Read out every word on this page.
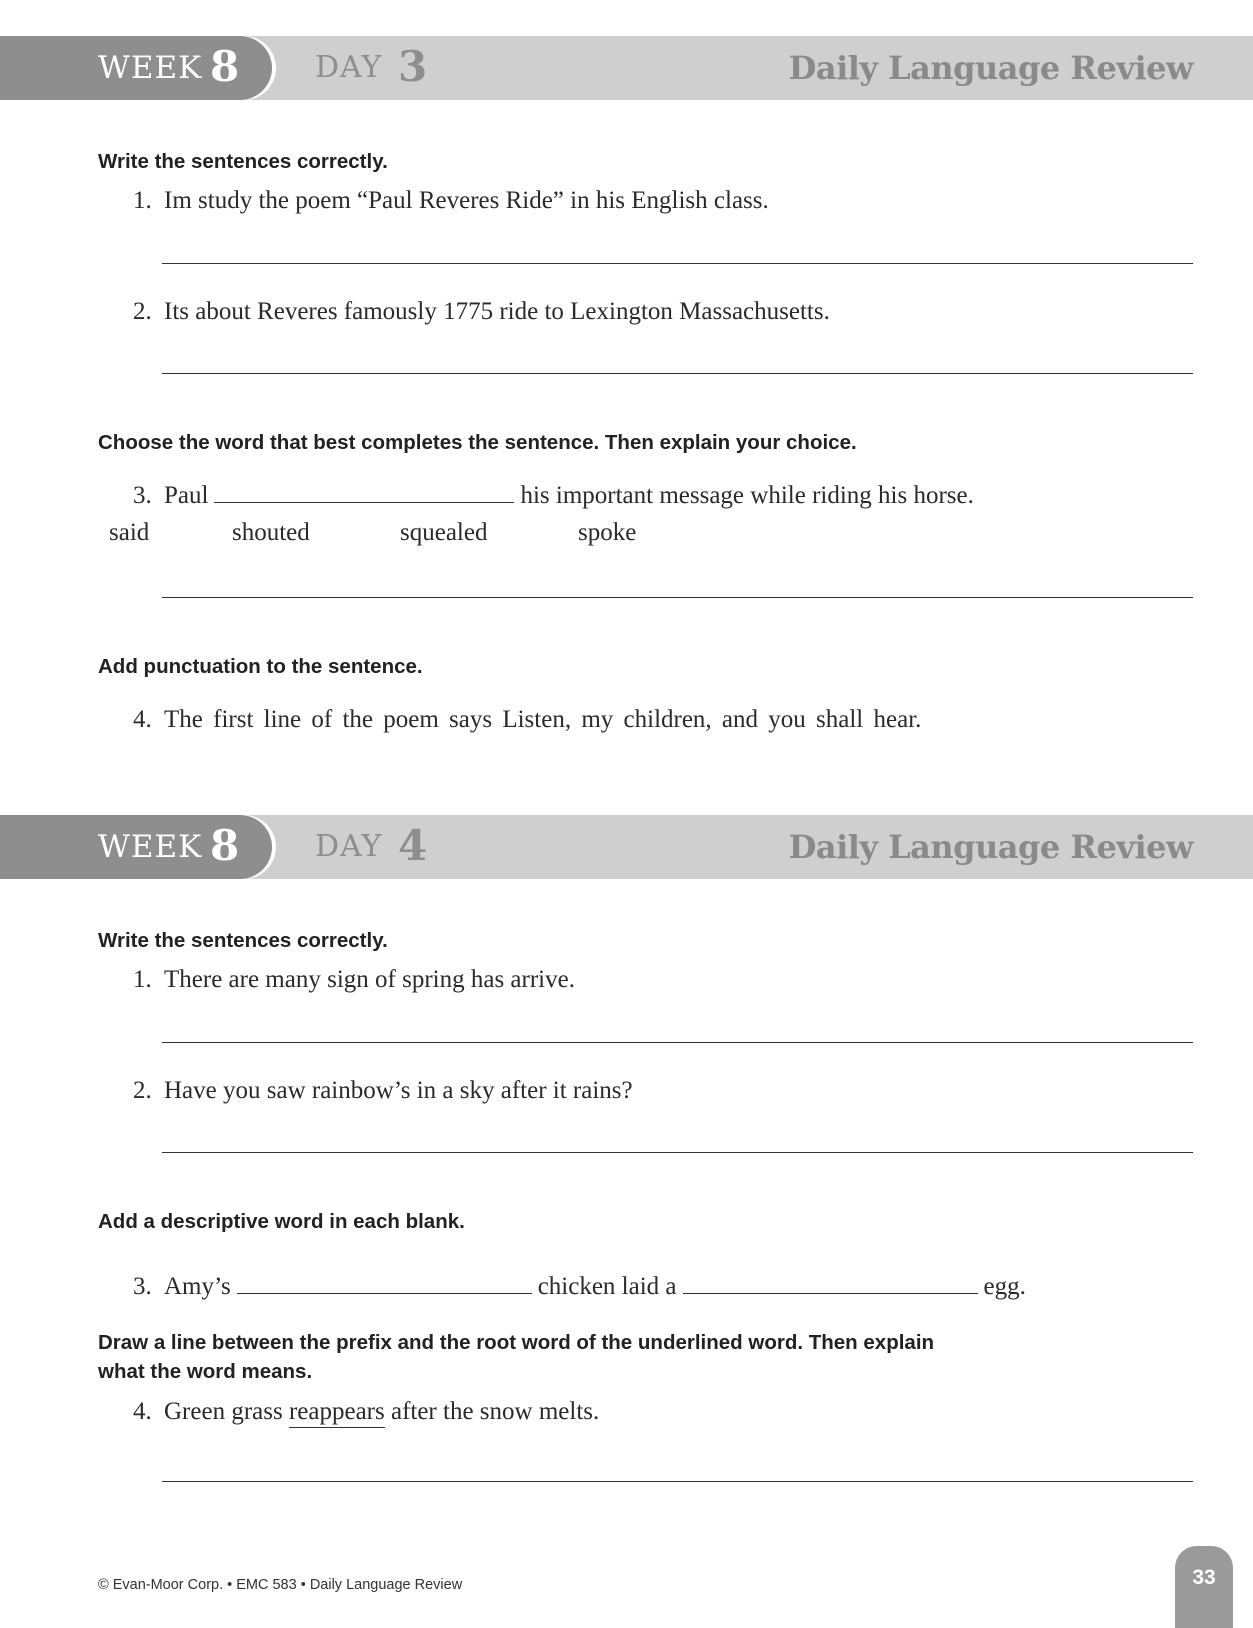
WEEK 8	DAY 3	Daily Language Review
Write the sentences correctly.
1. Im study the poem “Paul Reveres Ride” in his English class.
2. Its about Reveres famously 1775 ride to Lexington Massachusetts.
Choose the word that best completes the sentence. Then explain your choice.
3. Paul	his important message while riding his horse.
said	shouted	squealed	spoke
Add punctuation to the sentence.
4. The first line of the poem says Listen, my children, and you shall hear.
WEEK 8	DAY 4	Daily Language Review
Write the sentences correctly.
1. There are many sign of spring has arrive.
2. Have you saw rainbow’s in a sky after it rains?
Add a descriptive word in each blank.
3. Amy’s	chicken laid a	egg.
Draw a line between the prefix and the root word of the underlined word. Then explain
what the word means.
4. Green grass reappears after the snow melts.
© Evan-Moor Corp. • EMC 583 • Daily Language Review	33
